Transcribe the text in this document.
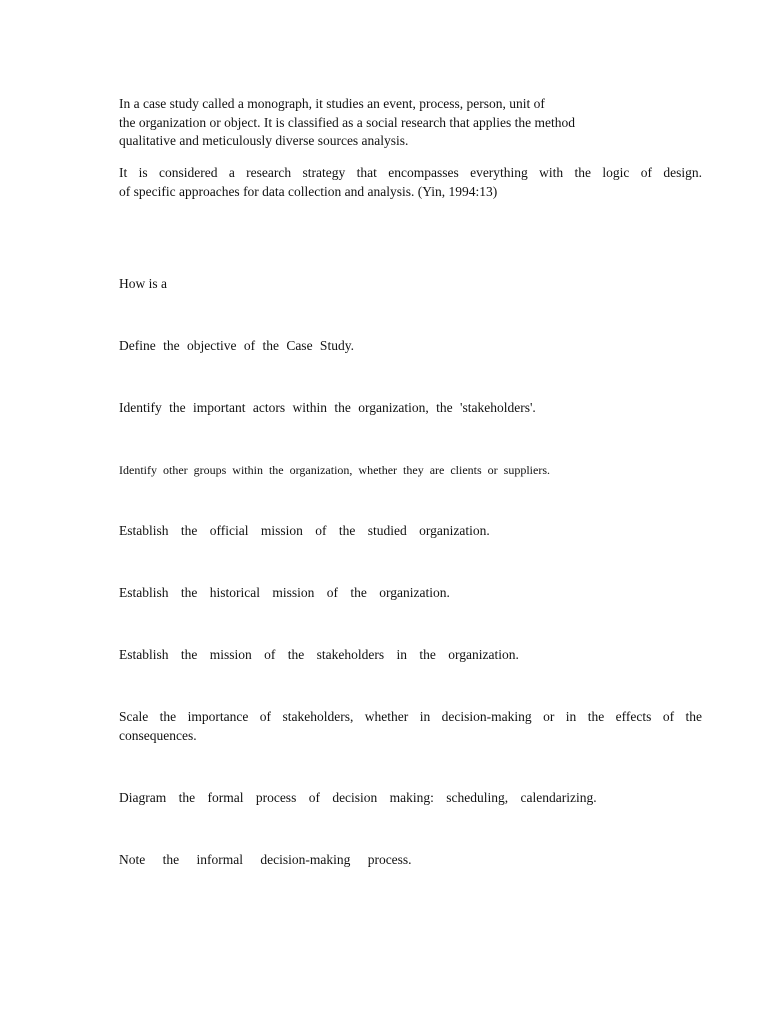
In a case study called a monograph, it studies an event, process, person, unit of

the organization or object. It is classified as a social research that applies the method

qualitative and meticulously diverse sources analysis.

It is considered a research strategy that encompasses everything with the logic of design.

of specific approaches for data collection and analysis. (Yin, 1994:13)

How is a

Define the objective of the Case Study.

Identify the important actors within the organization, the 'stakeholders'.

Identify other groups within the organization, whether they are clients or suppliers.

Establish the official mission of the studied organization.

Establish the historical mission of the organization.

Establish the mission of the stakeholders in the organization.

Scale the importance of stakeholders, whether in decision-making or in the effects of the

consequences.

Diagram the formal process of decision making: scheduling, calendarizing.

Note the informal decision-making process.
